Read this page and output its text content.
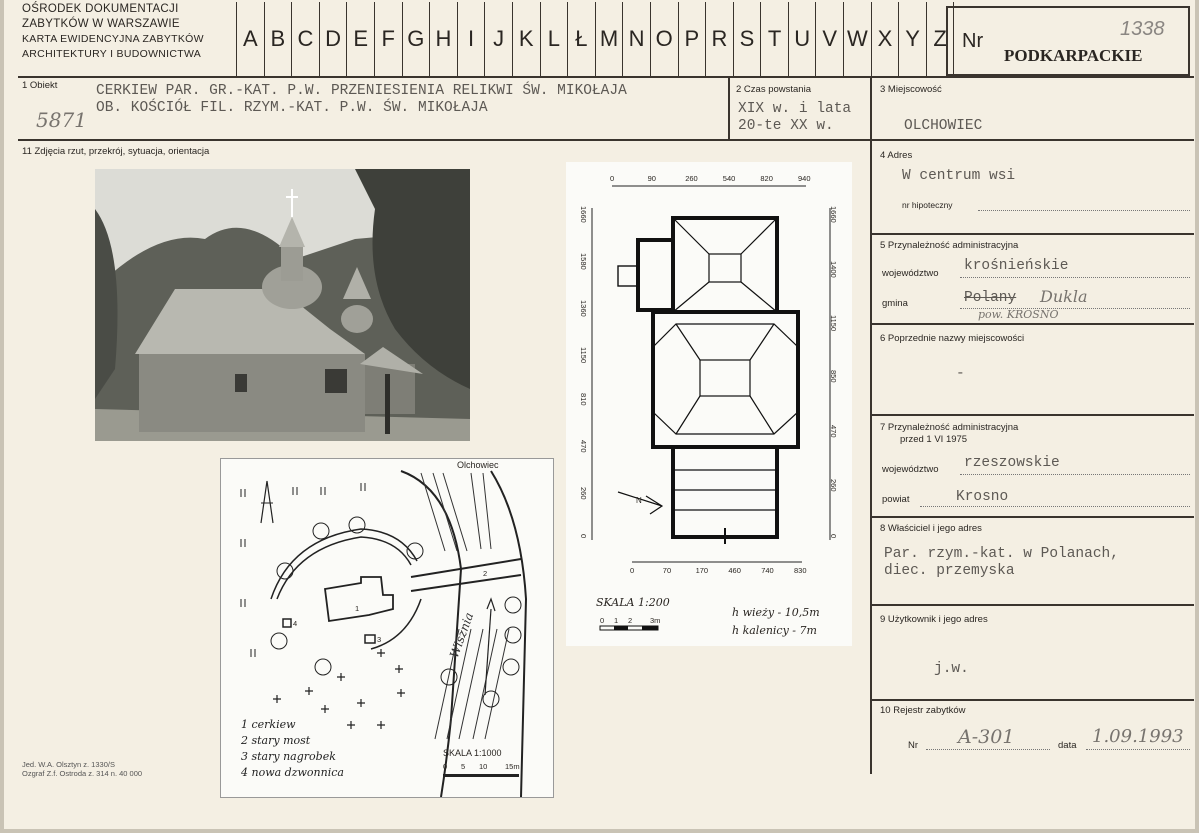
OŚRODEK DOKUMENTACJI
ZABYTKÓW W WARSZAWIE
KARTA EWIDENCYJNA ZABYTKÓW
ARCHITEKTURY I BUDOWNICTWA
A B C D E F G H I J K L Ł M N O P R S T U V W X Y Z Nr
PODKARPACKIE
1338
1 Obiekt	CERKIEW PAR. GR.-KAT. P.W. PRZENIESIENIA RELIKWI ŚW. MIKOŁAJA
OB. KOŚCIÓŁ FIL. RZYM.-KAT. P.W. ŚW. MIKOŁAJA
5871
2 Czas powstania
XIX w. i lata
20-te XX w.
3 Miejscowość
OLCHOWIEC
11 Zdjęcia rzut, przekrój, sytuacja, orientacja	4 Adres
W centrum wsi
nr hipoteczny
5 Przynależność administracyjna
województwo krośnieńskie
gmina	Polany Dukla
pow. KROSNO
6 Poprzednie nazwy miejscowości
-
7 Przynależność administracyjna
przed 1 VI 1975
województwo rzeszowskie
powiat	Krosno
8 Właściciel i jego adres
Par. rzym.-kat. w Polanach,
diec. przemyska
9 Użytkownik i jego adres
j.w.
10 Rejestr zabytków
Nr A-301	data 1.09.1993
Olchowiec
1
2
3
4	Wisznia
1 cerkiew
2 stary most
3 stary nagrobek
4 nowa dzwonnica
SKALA 1:1000
0 5 10 15m
0	90	260	540	820	940
0	70	170	460	740	830
1660
1580
1360
1150
810
470
260
0
1660
1400
1150
850
470
260
0
N
SKALA 1:200
0 1 2 3m
h wieży - 10,5m
h kalenicy - 7m
Jed. W.A. Olsztyn z. 1330/S
Ozgraf Z.f. Ostroda z. 314 n. 40 000
